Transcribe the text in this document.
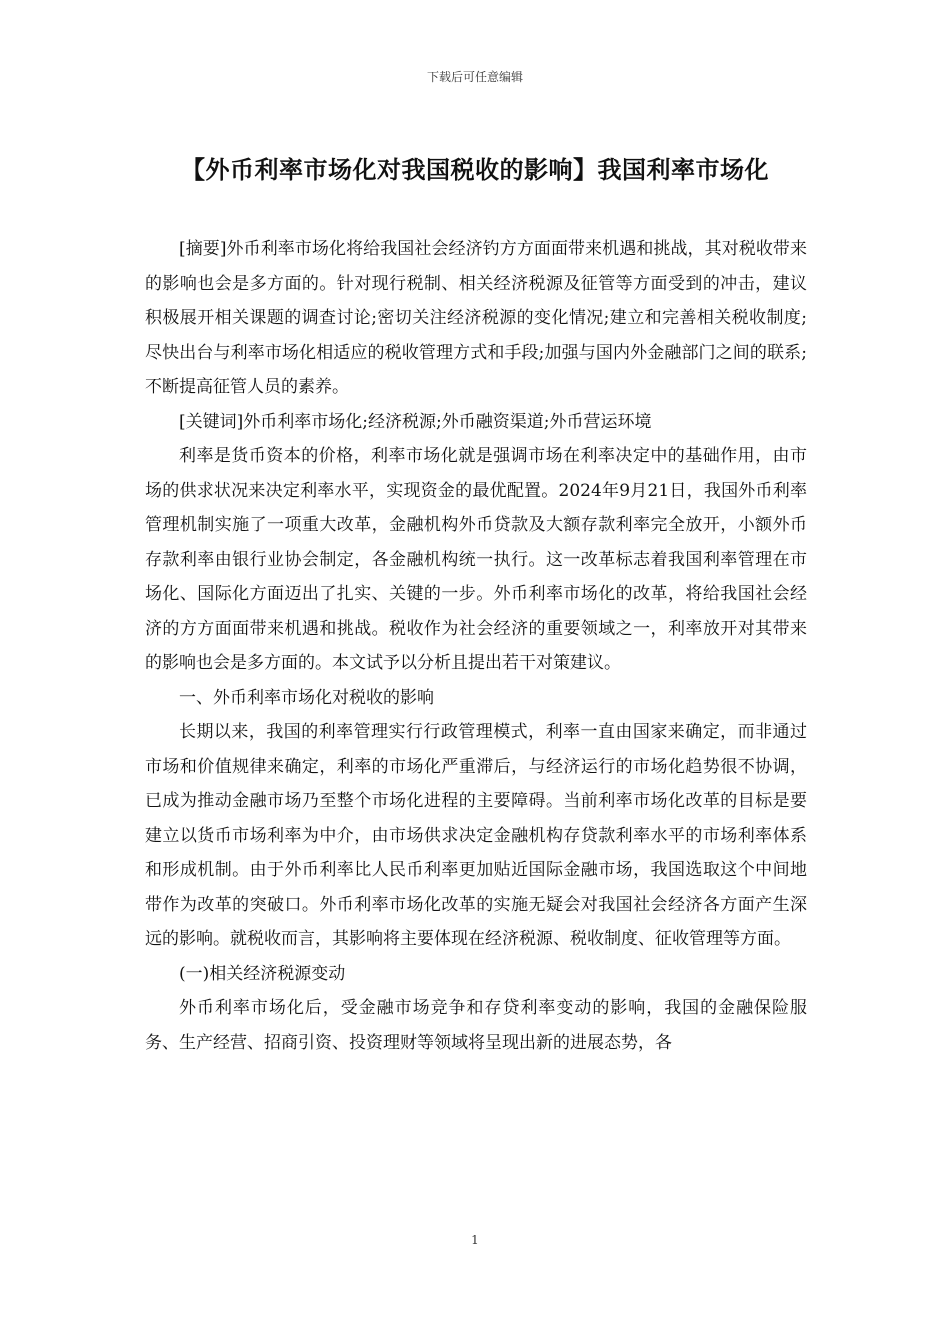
下载后可任意编辑
【外币利率市场化对我国税收的影响】我国利率市场化

[摘要]外币利率市场化将给我国社会经济钓方方面面带来机遇和挑战，其对税收带来的影响也会是多方面的。针对现行税制、相关经济税源及征管等方面受到的冲击，建议积极展开相关课题的调查讨论;密切关注经济税源的变化情况;建立和完善相关税收制度;尽快出台与利率市场化相适应的税收管理方式和手段;加强与国内外金融部门之间的联系;不断提高征管人员的素养。

[关键词]外币利率市场化;经济税源;外币融资渠道;外币营运环境

利率是货币资本的价格，利率市场化就是强调市场在利率决定中的基础作用，由市场的供求状况来决定利率水平，实现资金的最优配置。2024年9月21日，我国外币利率管理机制实施了一项重大改革，金融机构外币贷款及大额存款利率完全放开，小额外币存款利率由银行业协会制定，各金融机构统一执行。这一改革标志着我国利率管理在市场化、国际化方面迈出了扎实、关键的一步。外币利率市场化的改革，将给我国社会经济的方方面面带来机遇和挑战。税收作为社会经济的重要领域之一，利率放开对其带来的影响也会是多方面的。本文试予以分析且提出若干对策建议。

一、外币利率市场化对税收的影响

长期以来，我国的利率管理实行行政管理模式，利率一直由国家来确定，而非通过市场和价值规律来确定，利率的市场化严重滞后，与经济运行的市场化趋势很不协调，已成为推动金融市场乃至整个市场化进程的主要障碍。当前利率市场化改革的目标是要建立以货币市场利率为中介，由市场供求决定金融机构存贷款利率水平的市场利率体系和形成机制。由于外币利率比人民币利率更加贴近国际金融市场，我国选取这个中间地带作为改革的突破口。外币利率市场化改革的实施无疑会对我国社会经济各方面产生深远的影响。就税收而言，其影响将主要体现在经济税源、税收制度、征收管理等方面。

(一)相关经济税源变动

外币利率市场化后，受金融市场竞争和存贷利率变动的影响，我国的金融保险服务、生产经营、招商引资、投资理财等领域将呈现出新的进展态势，各

1
